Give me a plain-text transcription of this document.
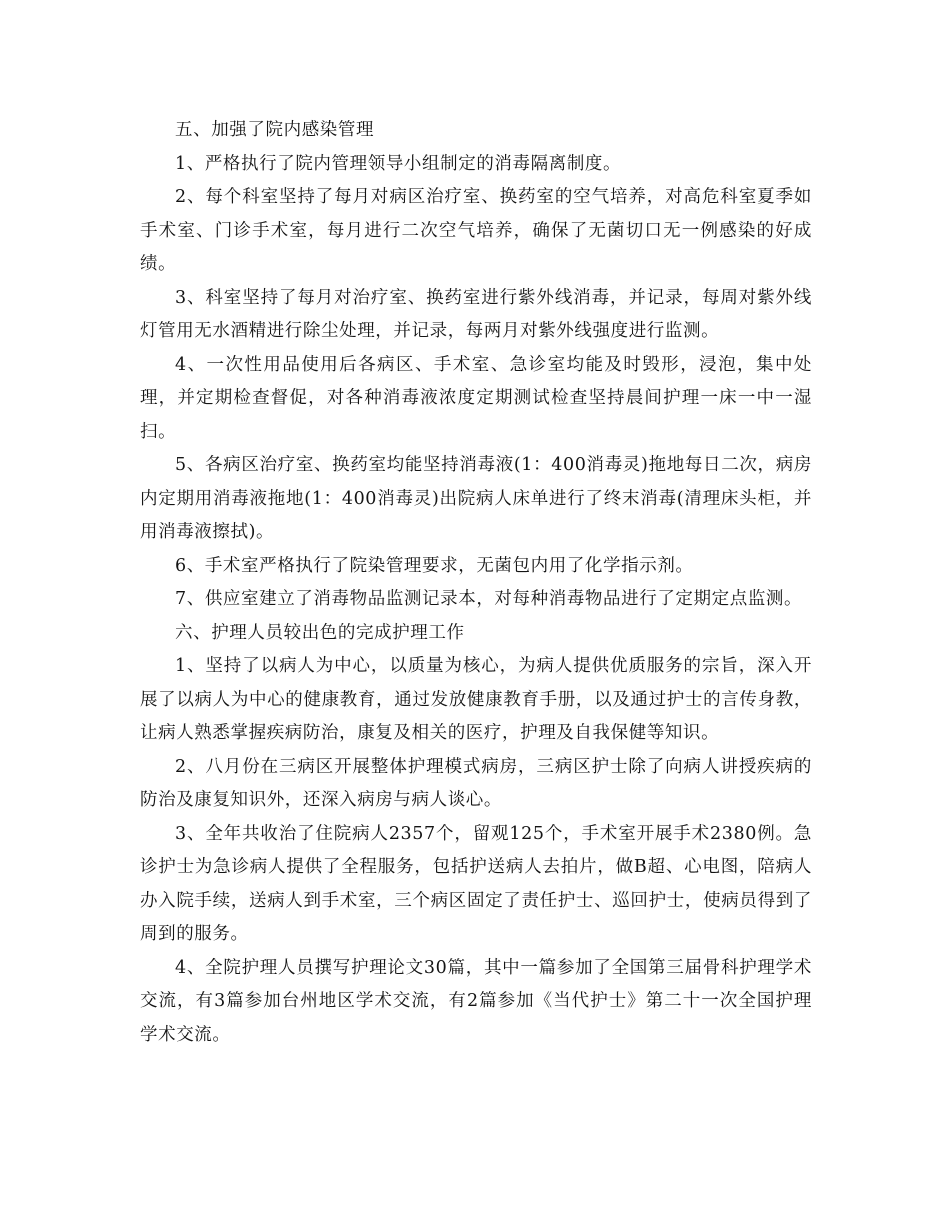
五、加强了院内感染管理

1、严格执行了院内管理领导小组制定的消毒隔离制度。

2、每个科室坚持了每月对病区治疗室、换药室的空气培养，对高危科室夏季如手术室、门诊手术室，每月进行二次空气培养，确保了无菌切口无一例感染的好成绩。

3、科室坚持了每月对治疗室、换药室进行紫外线消毒，并记录，每周对紫外线灯管用无水酒精进行除尘处理，并记录，每两月对紫外线强度进行监测。

4、一次性用品使用后各病区、手术室、急诊室均能及时毁形，浸泡，集中处理，并定期检查督促，对各种消毒液浓度定期测试检查坚持晨间护理一床一中一湿扫。

5、各病区治疗室、换药室均能坚持消毒液(1：400消毒灵)拖地每日二次，病房内定期用消毒液拖地(1：400消毒灵)出院病人床单进行了终末消毒(清理床头柜，并用消毒液擦拭)。

6、手术室严格执行了院染管理要求，无菌包内用了化学指示剂。

7、供应室建立了消毒物品监测记录本，对每种消毒物品进行了定期定点监测。

六、护理人员较出色的完成护理工作

1、坚持了以病人为中心，以质量为核心，为病人提供优质服务的宗旨，深入开展了以病人为中心的健康教育，通过发放健康教育手册，以及通过护士的言传身教，让病人熟悉掌握疾病防治，康复及相关的医疗，护理及自我保健等知识。

2、八月份在三病区开展整体护理模式病房，三病区护士除了向病人讲授疾病的防治及康复知识外，还深入病房与病人谈心。

3、全年共收治了住院病人2357个，留观125个，手术室开展手术2380例。急诊护士为急诊病人提供了全程服务，包括护送病人去拍片，做B超、心电图，陪病人办入院手续，送病人到手术室，三个病区固定了责任护士、巡回护士，使病员得到了周到的服务。

4、全院护理人员撰写护理论文30篇，其中一篇参加了全国第三届骨科护理学术交流，有3篇参加台州地区学术交流，有2篇参加《当代护士》第二十一次全国护理学术交流。
